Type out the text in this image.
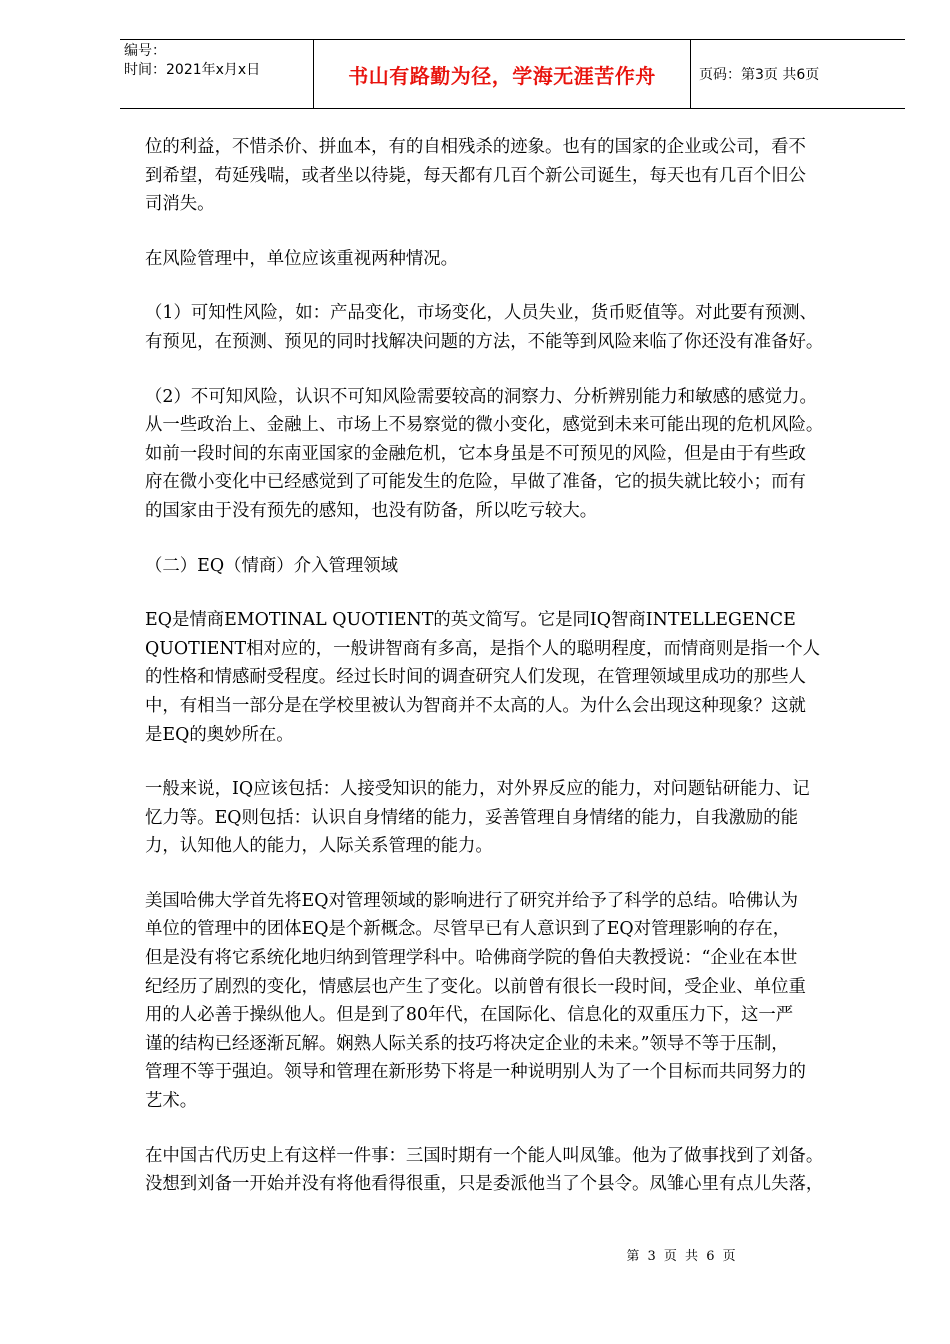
编号：
时间：2021年x月x日	书山有路勤为径，学海无涯苦作舟	页码：第3页 共6页

位的利益，不惜杀价、拼血本，有的自相残杀的迹象。也有的国家的企业或公司，看不
到希望，苟延残喘，或者坐以待毙，每天都有几百个新公司诞生，每天也有几百个旧公
司消失。

在风险管理中，单位应该重视两种情况。

（1）可知性风险，如：产品变化，市场变化，人员失业，货币贬值等。对此要有预测、
有预见，在预测、预见的同时找解决问题的方法，不能等到风险来临了你还没有准备好。

（2）不可知风险，认识不可知风险需要较高的洞察力、分析辨别能力和敏感的感觉力。
从一些政治上、金融上、市场上不易察觉的微小变化，感觉到未来可能出现的危机风险。
如前一段时间的东南亚国家的金融危机，它本身虽是不可预见的风险，但是由于有些政
府在微小变化中已经感觉到了可能发生的危险，早做了准备，它的损失就比较小；而有
的国家由于没有预先的感知，也没有防备，所以吃亏较大。

（二）EQ（情商）介入管理领域

EQ是情商EMOTINAL QUOTIENT的英文简写。它是同IQ智商INTELLEGENCE
QUOTIENT相对应的，一般讲智商有多高，是指个人的聪明程度，而情商则是指一个人
的性格和情感耐受程度。经过长时间的调查研究人们发现，在管理领域里成功的那些人
中，有相当一部分是在学校里被认为智商并不太高的人。为什么会出现这种现象？这就
是EQ的奥妙所在。

一般来说，IQ应该包括：人接受知识的能力，对外界反应的能力，对问题钻研能力、记
忆力等。EQ则包括：认识自身情绪的能力，妥善管理自身情绪的能力，自我激励的能
力，认知他人的能力，人际关系管理的能力。

美国哈佛大学首先将EQ对管理领域的影响进行了研究并给予了科学的总结。哈佛认为
单位的管理中的团体EQ是个新概念。尽管早已有人意识到了EQ对管理影响的存在，
但是没有将它系统化地归纳到管理学科中。哈佛商学院的鲁伯夫教授说：“企业在本世
纪经历了剧烈的变化，情感层也产生了变化。以前曾有很长一段时间，受企业、单位重
用的人必善于操纵他人。但是到了80年代，在国际化、信息化的双重压力下，这一严
谨的结构已经逐渐瓦解。娴熟人际关系的技巧将决定企业的未来。”领导不等于压制，
管理不等于强迫。领导和管理在新形势下将是一种说明别人为了一个目标而共同努力的
艺术。

在中国古代历史上有这样一件事：三国时期有一个能人叫凤雏。他为了做事找到了刘备。
没想到刘备一开始并没有将他看得很重，只是委派他当了个县令。凤雏心里有点儿失落，

第 3 页 共 6 页
